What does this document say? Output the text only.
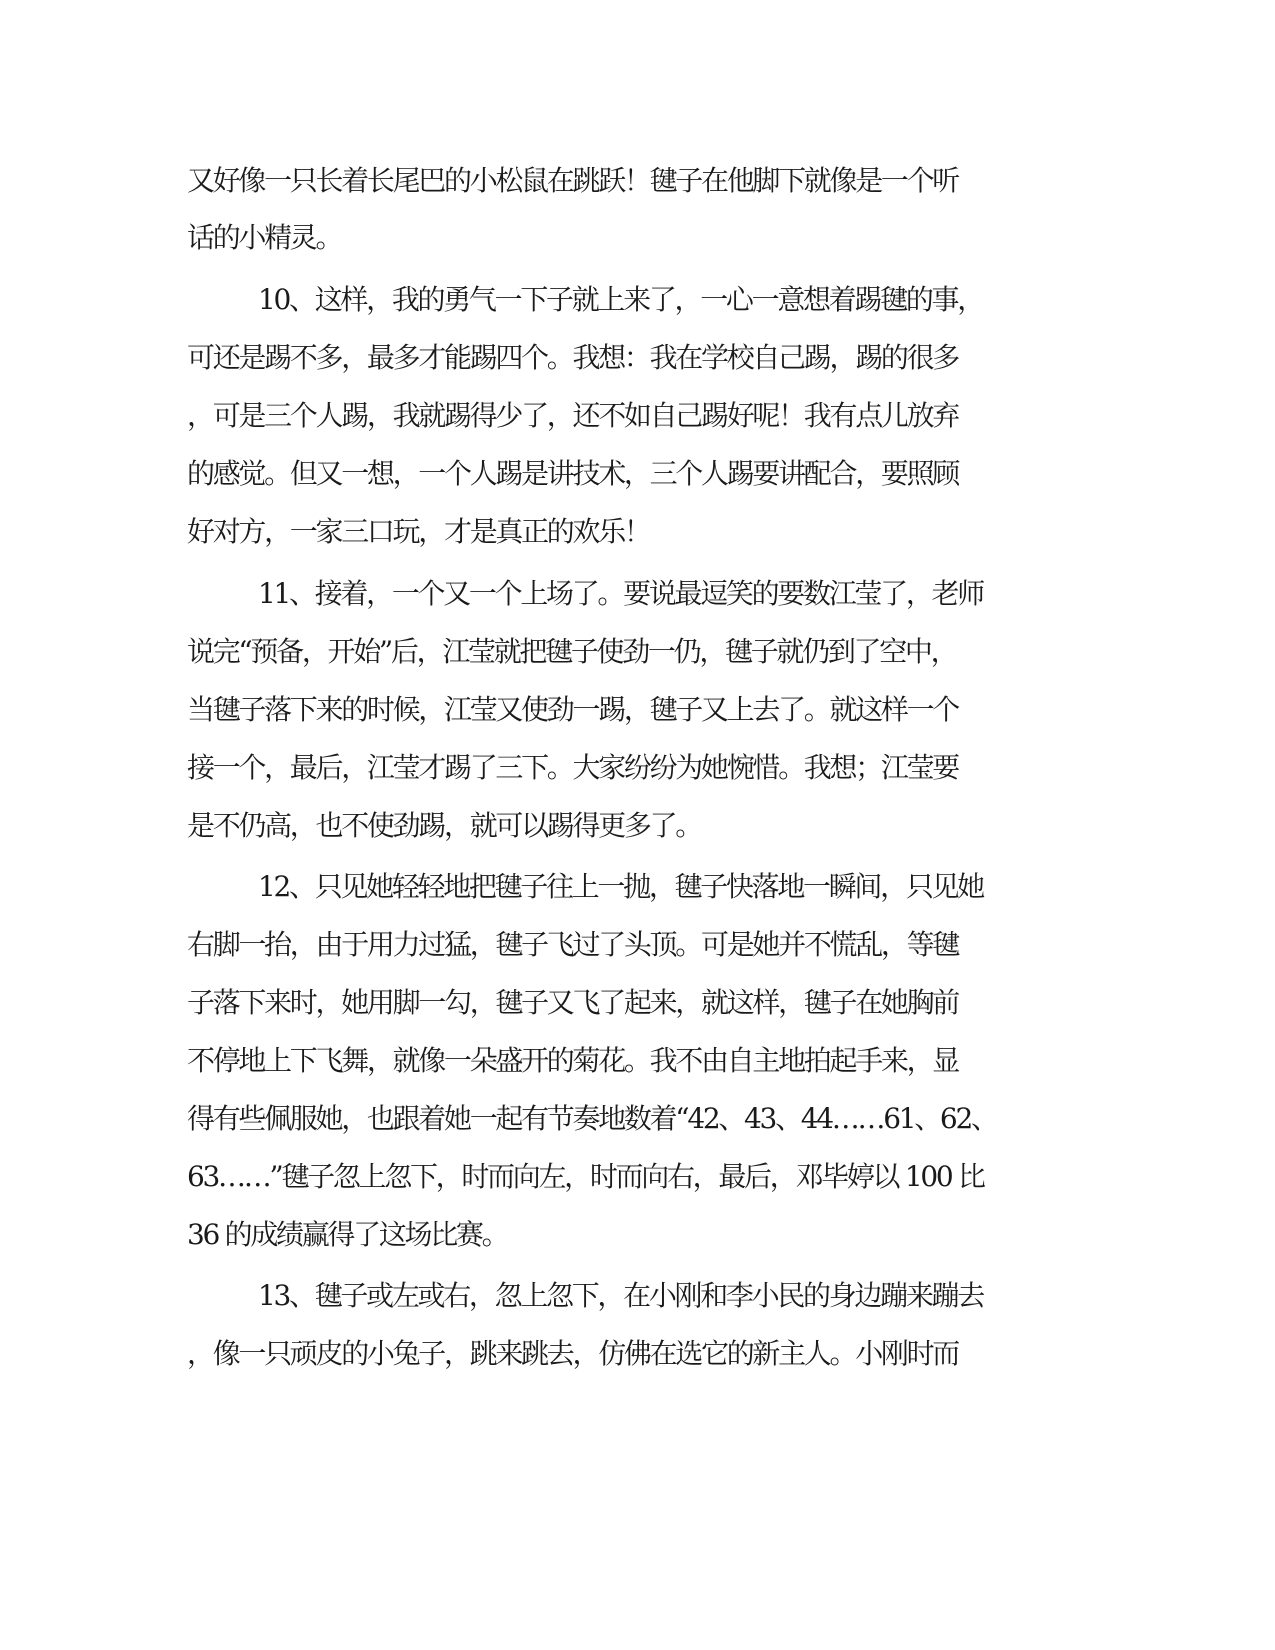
又好像一只长着长尾巴的小松鼠在跳跃！毽子在他脚下就像是一个听

话的小精灵。

10、这样，我的勇气一下子就上来了，一心一意想着踢毽的事，

可还是踢不多，最多才能踢四个。我想：我在学校自己踢，踢的很多

，可是三个人踢，我就踢得少了，还不如自己踢好呢！我有点儿放弃

的感觉。但又一想，一个人踢是讲技术，三个人踢要讲配合，要照顾

好对方，一家三口玩，才是真正的欢乐！

11、接着，一个又一个上场了。要说最逗笑的要数江莹了，老师

说完“预备，开始”后，江莹就把毽子使劲一仍，毽子就仍到了空中，

当毽子落下来的时候，江莹又使劲一踢，毽子又上去了。就这样一个

接一个，最后，江莹才踢了三下。大家纷纷为她惋惜。我想；江莹要

是不仍高，也不使劲踢，就可以踢得更多了。

12、只见她轻轻地把毽子往上一抛，毽子快落地一瞬间，只见她

右脚一抬，由于用力过猛，毽子飞过了头顶。可是她并不慌乱，等毽

子落下来时，她用脚一勾，毽子又飞了起来，就这样，毽子在她胸前

不停地上下飞舞，就像一朵盛开的菊花。我不由自主地拍起手来，显

得有些佩服她，也跟着她一起有节奏地数着“42、43、44……61、62、

63……”毽子忽上忽下，时而向左，时而向右，最后，邓毕婷以 100 比

36 的成绩赢得了这场比赛。

13、毽子或左或右，忽上忽下，在小刚和李小民的身边蹦来蹦去

，像一只顽皮的小兔子，跳来跳去，仿佛在选它的新主人。小刚时而
